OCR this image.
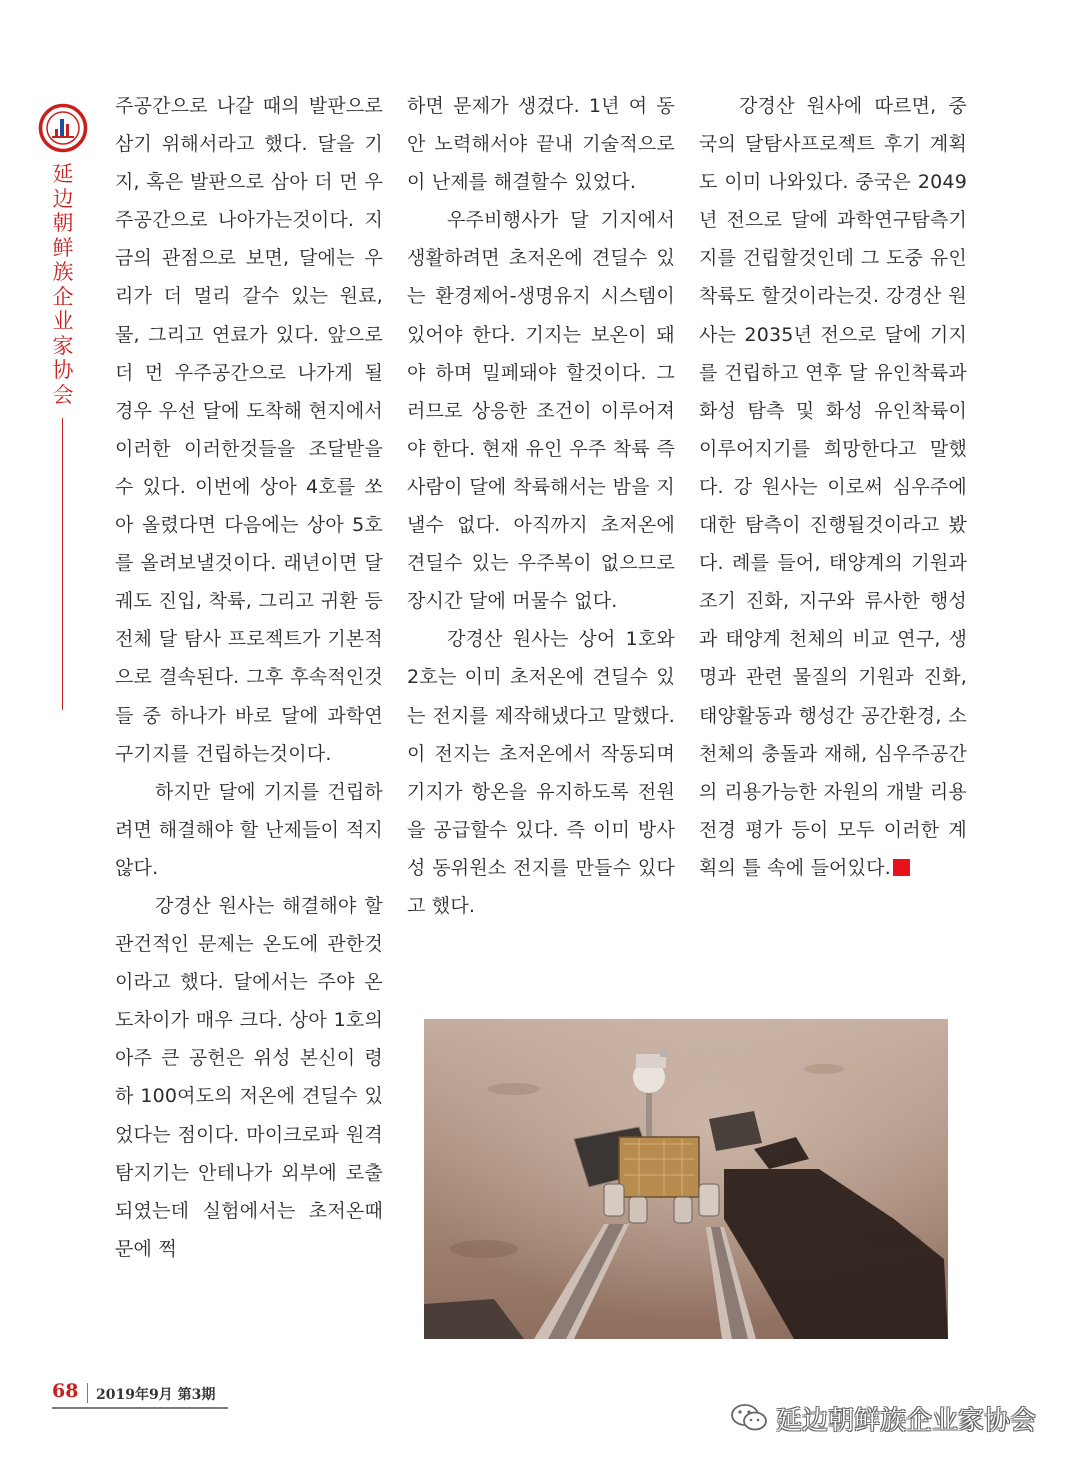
延边朝鲜族企业家协会

주공간으로 나갈 때의 발판으로 삼기 위해서라고 했다. 달을 기지, 혹은 발판으로 삼아 더 먼 우주공간으로 나아가는것이다. 지금의 관점으로 보면, 달에는 우리가 더 멀리 갈수 있는 원료, 물, 그리고 연료가 있다. 앞으로 더 먼 우주공간으로 나가게 될 경우 우선 달에 도착해 현지에서 이러한 이러한것들을 조달받을수 있다. 이번에 상아 4호를 쏘아 올렸다면 다음에는 상아 5호를 올려보낼것이다. 래년이면 달 궤도 진입, 착륙, 그리고 귀환 등 전체 달 탐사 프로젝트가 기본적으로 결속된다. 그후 후속적인것들 중 하나가 바로 달에 과학연구기지를 건립하는것이다.

하지만 달에 기지를 건립하려면 해결해야 할 난제들이 적지 않다.

강경산 원사는 해결해야 할 관건적인 문제는 온도에 관한것이라고 했다. 달에서는 주야 온도차이가 매우 크다. 상아 1호의 아주 큰 공헌은 위성 본신이 령하 100여도의 저온에 견딜수 있었다는 점이다. 마이크로파 원격 탐지기는 안테나가 외부에 로출되였는데 실험에서는 초저온때문에 쩍

하면 문제가 생겼다. 1년 여 동안 노력해서야 끝내 기술적으로 이 난제를 해결할수 있었다.

우주비행사가 달 기지에서 생활하려면 초저온에 견딜수 있는 환경제어-생명유지 시스템이 있어야 한다. 기지는 보온이 돼야 하며 밀페돼야 할것이다. 그러므로 상응한 조건이 이루어져야 한다. 현재 유인 우주 착륙 즉 사람이 달에 착륙해서는 밤을 지낼수 없다. 아직까지 초저온에 견딜수 있는 우주복이 없으므로 장시간 달에 머물수 없다.

강경산 원사는 상어 1호와 2호는 이미 초저온에 견딜수 있는 전지를 제작해냈다고 말했다. 이 전지는 초저온에서 작동되며 기지가 항온을 유지하도록 전원을 공급할수 있다. 즉 이미 방사성 동위원소 전지를 만들수 있다고 했다.

강경산 원사에 따르면, 중국의 달탐사프로젝트 후기 계획도 이미 나와있다. 중국은 2049년 전으로 달에 과학연구탐측기지를 건립할것인데 그 도중 유인착륙도 할것이라는것. 강경산 원사는 2035년 전으로 달에 기지를 건립하고 연후 달 유인착륙과 화성 탐측 및 화성 유인착륙이 이루어지기를 희망한다고 말했다. 강 원사는 이로써 심우주에 대한 탐측이 진행될것이라고 봤다. 례를 들어, 태양계의 기원과 조기 진화, 지구와 류사한 행성과 태양계 천체의 비교 연구, 생명과 관련 물질의 기원과 진화, 태양활동과 행성간 공간환경, 소천체의 충돌과 재해, 심우주공간의 리용가능한 자원의 개발 리용 전경 평가 등이 모두 이러한 계획의 틀 속에 들어있다.

68 2019年9月 第3期
延边朝鲜族企业家协会
